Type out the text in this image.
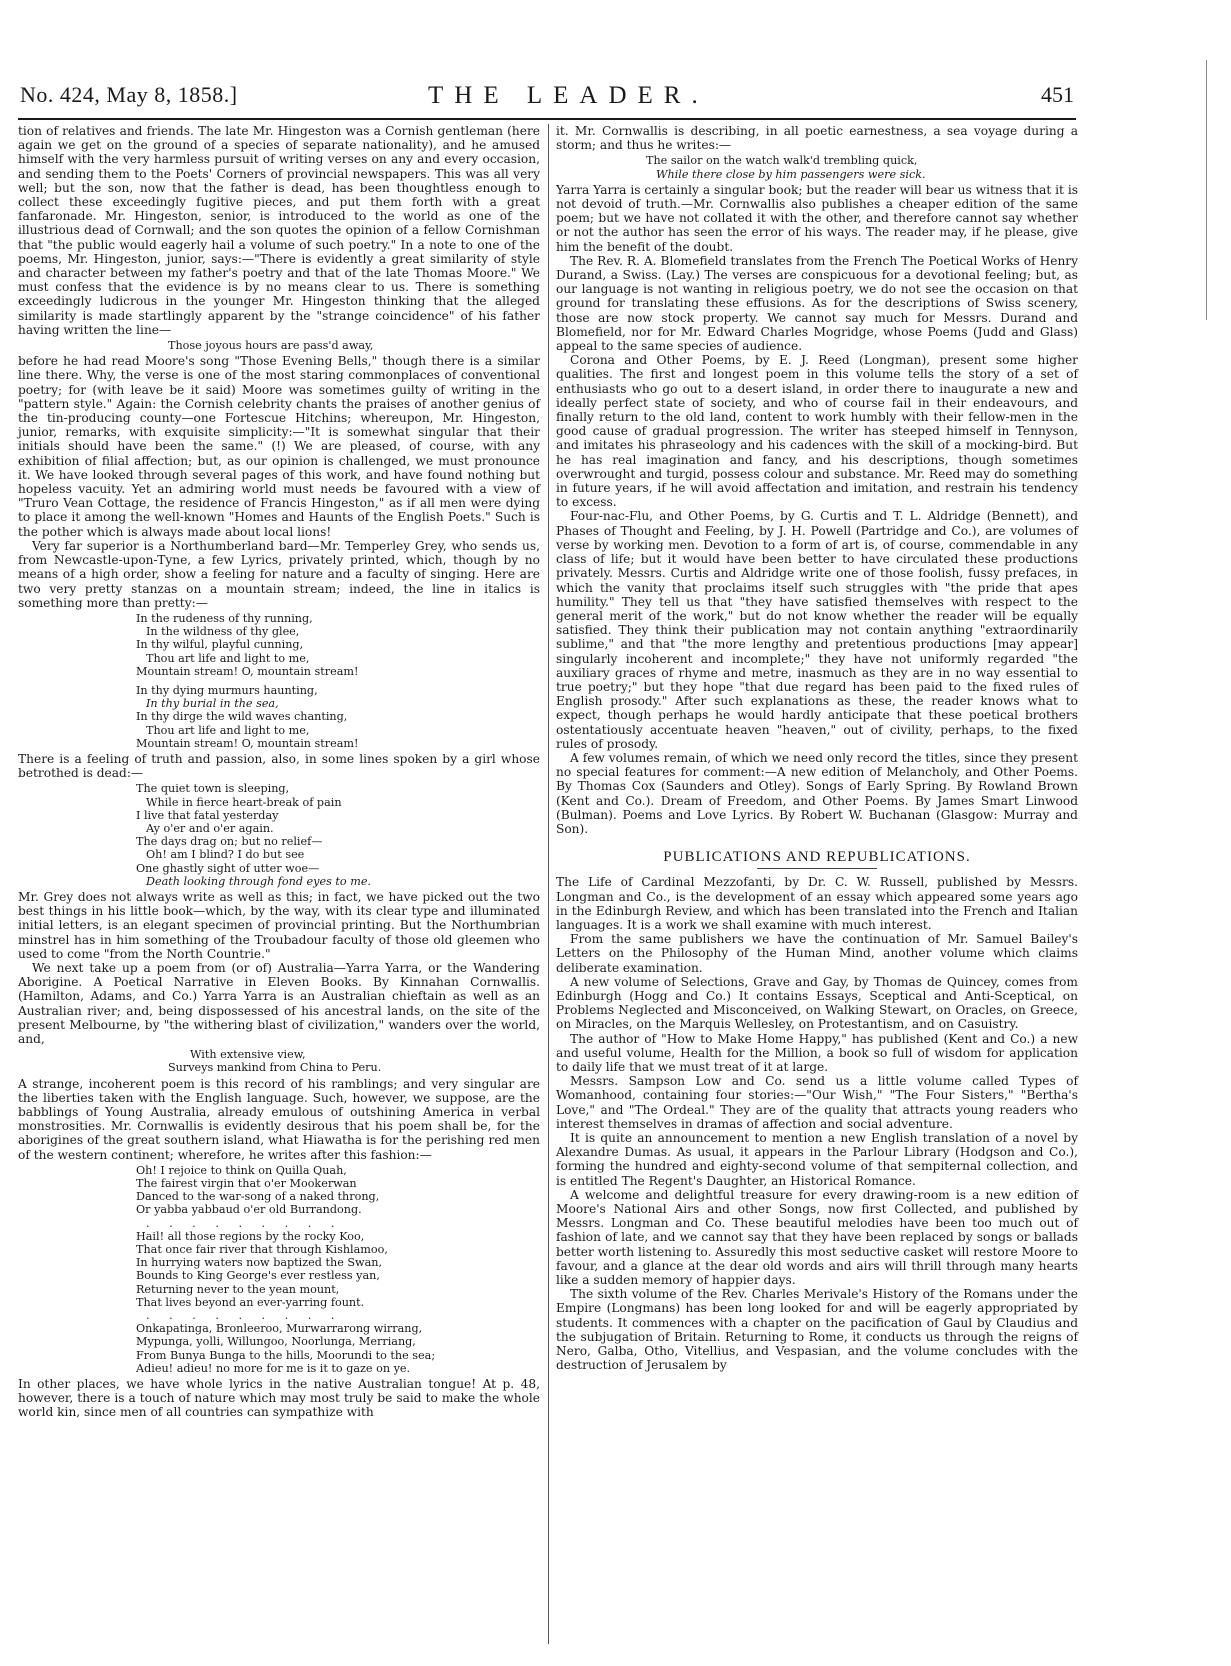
No. 424, May 8, 1858.]	THE LEADER.	451

tion of relatives and friends. The late Mr. Hingeston was a Cornish gentleman (here again we get on the ground of a species of separate nationality), and he amused himself with the very harmless pursuit of writing verses on any and every occasion, and sending them to the Poets' Corners of provincial newspapers. This was all very well; but the son, now that the father is dead, has been thoughtless enough to collect these exceedingly fugitive pieces, and put them forth with a great fanfaronade. Mr. Hingeston, senior, is introduced to the world as one of the illustrious dead of Cornwall; and the son quotes the opinion of a fellow Cornishman that "the public would eagerly hail a volume of such poetry." In a note to one of the poems, Mr. Hingeston, junior, says:—"There is evidently a great similarity of style and character between my father's poetry and that of the late Thomas Moore." We must confess that the evidence is by no means clear to us. There is something exceedingly ludicrous in the younger Mr. Hingeston thinking that the alleged similarity is made startlingly apparent by the "strange coincidence" of his father having written the line—

Those joyous hours are pass'd away,

before he had read Moore's song "Those Evening Bells," though there is a similar line there. Why, the verse is one of the most staring commonplaces of conventional poetry; for (with leave be it said) Moore was sometimes guilty of writing in the "pattern style." Again: the Cornish celebrity chants the praises of another genius of the tin-producing county—one Fortescue Hitchins; whereupon, Mr. Hingeston, junior, remarks, with exquisite simplicity:—"It is somewhat singular that their initials should have been the same." (!) We are pleased, of course, with any exhibition of filial affection; but, as our opinion is challenged, we must pronounce it. We have looked through several pages of this work, and have found nothing but hopeless vacuity. Yet an admiring world must needs be favoured with a view of "Truro Vean Cottage, the residence of Francis Hingeston," as if all men were dying to place it among the well-known "Homes and Haunts of the English Poets." Such is the pother which is always made about local lions!

Very far superior is a Northumberland bard—Mr. Temperley Grey, who sends us, from Newcastle-upon-Tyne, a few Lyrics, privately printed, which, though by no means of a high order, show a feeling for nature and a faculty of singing. Here are two very pretty stanzas on a mountain stream; indeed, the line in italics is something more than pretty:—

In the rudeness of thy running,
In the wildness of thy glee,
In thy wilful, playful cunning,
Thou art life and light to me,
Mountain stream! O, mountain stream!
In thy dying murmurs haunting,
In thy burial in the sea,
In thy dirge the wild waves chanting,
Thou art life and light to me,
Mountain stream! O, mountain stream!

There is a feeling of truth and passion, also, in some lines spoken by a girl whose betrothed is dead:—

The quiet town is sleeping,
While in fierce heart-break of pain
I live that fatal yesterday
Ay o'er and o'er again.
The days drag on; but no relief—
Oh! am I blind? I do but see
One ghastly sight of utter woe—
Death looking through fond eyes to me.

Mr. Grey does not always write as well as this; in fact, we have picked out the two best things in his little book—which, by the way, with its clear type and illuminated initial letters, is an elegant specimen of provincial printing. But the Northumbrian minstrel has in him something of the Troubadour faculty of those old gleemen who used to come "from the North Countrie."

We next take up a poem from (or of) Australia—Yarra Yarra, or the Wandering Aborigine. A Poetical Narrative in Eleven Books. By Kinnahan Cornwallis. (Hamilton, Adams, and Co.) Yarra Yarra is an Australian chieftain as well as an Australian river; and, being dispossessed of his ancestral lands, on the site of the present Melbourne, by "the withering blast of civilization," wanders over the world, and,

With extensive view,
Surveys mankind from China to Peru.

A strange, incoherent poem is this record of his ramblings; and very singular are the liberties taken with the English language. Such, however, we suppose, are the babblings of Young Australia, already emulous of outshining America in verbal monstrosities. Mr. Cornwallis is evidently desirous that his poem shall be, for the aborigines of the great southern island, what Hiawatha is for the perishing red men of the western continent; wherefore, he writes after this fashion:—

Oh! I rejoice to think on Quilla Quah,
The fairest virgin that o'er Mookerwan
Danced to the war-song of a naked throng,
Or yabba yabbaud o'er old Burrandong.
. . . . . . . . .
Hail! all those regions by the rocky Koo,
That once fair river that through Kishlamoo,
In hurrying waters now baptized the Swan,
Bounds to King George's ever restless yan,
Returning never to the yean mount,
That lives beyond an ever-yarring fount.
. . . . . . . . .
Onkapatinga, Bronleeroo, Murwarrarong wirrang,
Mypunga, yolli, Willungoo, Noorlunga, Merriang,
From Bunya Bunga to the hills, Moorundi to the sea;
Adieu! adieu! no more for me is it to gaze on ye.

In other places, we have whole lyrics in the native Australian tongue! At p. 48, however, there is a touch of nature which may most truly be said to make the whole world kin, since men of all countries can sympathize with

it. Mr. Cornwallis is describing, in all poetic earnestness, a sea voyage during a storm; and thus he writes:—

The sailor on the watch walk'd trembling quick,
While there close by him passengers were sick.

Yarra Yarra is certainly a singular book; but the reader will bear us witness that it is not devoid of truth.—Mr. Cornwallis also publishes a cheaper edition of the same poem; but we have not collated it with the other, and therefore cannot say whether or not the author has seen the error of his ways. The reader may, if he please, give him the benefit of the doubt.

The Rev. R. A. Blomefield translates from the French The Poetical Works of Henry Durand, a Swiss. (Lay.) The verses are conspicuous for a devotional feeling; but, as our language is not wanting in religious poetry, we do not see the occasion on that ground for translating these effusions. As for the descriptions of Swiss scenery, those are now stock property. We cannot say much for Messrs. Durand and Blomefield, nor for Mr. Edward Charles Mogridge, whose Poems (Judd and Glass) appeal to the same species of audience.

Corona and Other Poems, by E. J. Reed (Longman), present some higher qualities. The first and longest poem in this volume tells the story of a set of enthusiasts who go out to a desert island, in order there to inaugurate a new and ideally perfect state of society, and who of course fail in their endeavours, and finally return to the old land, content to work humbly with their fellow-men in the good cause of gradual progression. The writer has steeped himself in Tennyson, and imitates his phraseology and his cadences with the skill of a mocking-bird. But he has real imagination and fancy, and his descriptions, though sometimes overwrought and turgid, possess colour and substance. Mr. Reed may do something in future years, if he will avoid affectation and imitation, and restrain his tendency to excess.

Four-nac-Flu, and Other Poems, by G. Curtis and T. L. Aldridge (Bennett), and Phases of Thought and Feeling, by J. H. Powell (Partridge and Co.), are volumes of verse by working men. Devotion to a form of art is, of course, commendable in any class of life; but it would have been better to have circulated these productions privately. Messrs. Curtis and Aldridge write one of those foolish, fussy prefaces, in which the vanity that proclaims itself such struggles with "the pride that apes humility." They tell us that "they have satisfied themselves with respect to the general merit of the work," but do not know whether the reader will be equally satisfied. They think their publication may not contain anything "extraordinarily sublime," and that "the more lengthy and pretentious productions [may appear] singularly incoherent and incomplete;" they have not uniformly regarded "the auxiliary graces of rhyme and metre, inasmuch as they are in no way essential to true poetry;" but they hope "that due regard has been paid to the fixed rules of English prosody." After such explanations as these, the reader knows what to expect, though perhaps he would hardly anticipate that these poetical brothers ostentatiously accentuate heaven "heaven," out of civility, perhaps, to the fixed rules of prosody.

A few volumes remain, of which we need only record the titles, since they present no special features for comment:—A new edition of Melancholy, and Other Poems. By Thomas Cox (Saunders and Otley). Songs of Early Spring. By Rowland Brown (Kent and Co.). Dream of Freedom, and Other Poems. By James Smart Linwood (Bulman). Poems and Love Lyrics. By Robert W. Buchanan (Glasgow: Murray and Son).

PUBLICATIONS AND REPUBLICATIONS.

The Life of Cardinal Mezzofanti, by Dr. C. W. Russell, published by Messrs. Longman and Co., is the development of an essay which appeared some years ago in the Edinburgh Review, and which has been translated into the French and Italian languages. It is a work we shall examine with much interest.

From the same publishers we have the continuation of Mr. Samuel Bailey's Letters on the Philosophy of the Human Mind, another volume which claims deliberate examination.

A new volume of Selections, Grave and Gay, by Thomas de Quincey, comes from Edinburgh (Hogg and Co.) It contains Essays, Sceptical and Anti-Sceptical, on Problems Neglected and Misconceived, on Walking Stewart, on Oracles, on Greece, on Miracles, on the Marquis Wellesley, on Protestantism, and on Casuistry.

The author of "How to Make Home Happy," has published (Kent and Co.) a new and useful volume, Health for the Million, a book so full of wisdom for application to daily life that we must treat of it at large.

Messrs. Sampson Low and Co. send us a little volume called Types of Womanhood, containing four stories:—"Our Wish," "The Four Sisters," "Bertha's Love," and "The Ordeal." They are of the quality that attracts young readers who interest themselves in dramas of affection and social adventure.

It is quite an announcement to mention a new English translation of a novel by Alexandre Dumas. As usual, it appears in the Parlour Library (Hodgson and Co.), forming the hundred and eighty-second volume of that sempiternal collection, and is entitled The Regent's Daughter, an Historical Romance.

A welcome and delightful treasure for every drawing-room is a new edition of Moore's National Airs and other Songs, now first Collected, and published by Messrs. Longman and Co. These beautiful melodies have been too much out of fashion of late, and we cannot say that they have been replaced by songs or ballads better worth listening to. Assuredly this most seductive casket will restore Moore to favour, and a glance at the dear old words and airs will thrill through many hearts like a sudden memory of happier days.

The sixth volume of the Rev. Charles Merivale's History of the Romans under the Empire (Longmans) has been long looked for and will be eagerly appropriated by students. It commences with a chapter on the pacification of Gaul by Claudius and the subjugation of Britain. Returning to Rome, it conducts us through the reigns of Nero, Galba, Otho, Vitellius, and Vespasian, and the volume concludes with the destruction of Jerusalem by
